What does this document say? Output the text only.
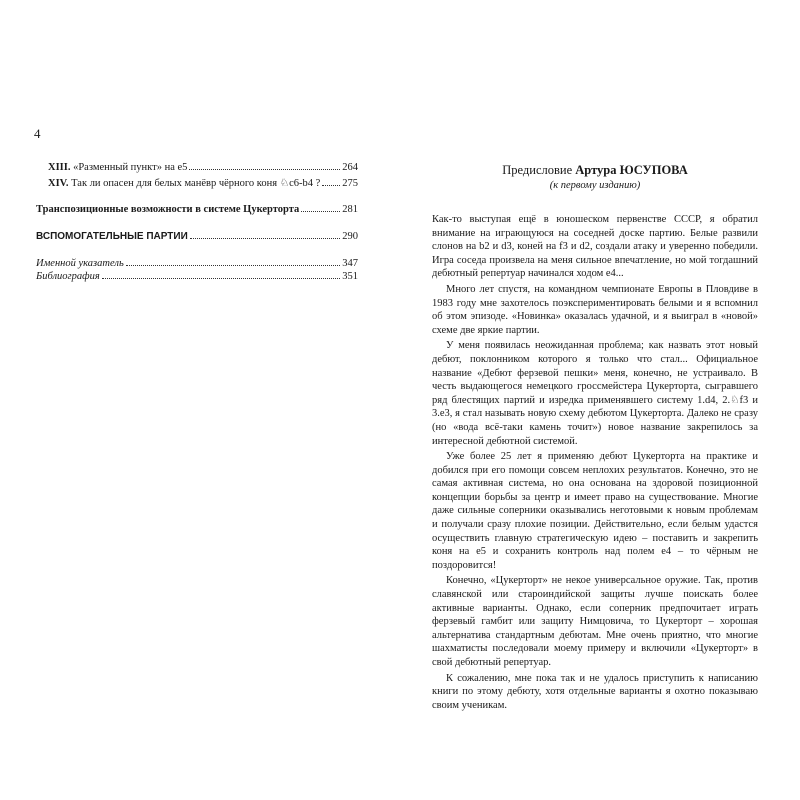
4
XIII. «Разменный пункт» на е5	264
XIV. Так ли опасен для белых манёвр чёрного коня ♘с6-b4 ? 275
Транспозиционные возможности в системе Цукерторта	281
ВСПОМОГАТЕЛЬНЫЕ ПАРТИИ	290
Именной указатель	347
Библиография	351
Предисловие Артура ЮСУПОВА
(к первому изданию)

Как-то выступая ещё в юношеском первенстве СССР, я обратил внимание на играющуюся на соседней доске партию. Белые развили слонов на b2 и d3, коней на f3 и d2, создали атаку и уверенно победили. Игра соседа произвела на меня сильное впечатление, но мой тогдашний дебютный репертуар начинался ходом е4...

Много лет спустя, на командном чемпионате Европы в Пловдиве в 1983 году мне захотелось поэкспериментировать белыми и я вспомнил об этом эпизоде. «Новинка» оказалась удачной, и я выиграл в «новой» схеме две яркие партии.

У меня появилась неожиданная проблема; как назвать этот новый дебют, поклонником которого я только что стал... Официальное название «Дебют ферзевой пешки» меня, конечно, не устраивало. В честь выдающегося немецкого гроссмейстера Цукерторта, сыгравшего ряд блестящих партий и изредка применявшего систему 1.d4, 2.♘f3 и 3.e3, я стал называть новую схему дебютом Цукерторта. Далеко не сразу (но «вода всё-таки камень точит») новое название закрепилось за интересной дебютной системой.

Уже более 25 лет я применяю дебют Цукерторта на практике и добился при его помощи совсем неплохих результатов. Конечно, это не самая активная система, но она основана на здоровой позиционной концепции борьбы за центр и имеет право на существование. Многие даже сильные соперники оказывались неготовыми к новым проблемам и получали сразу плохие позиции. Действительно, если белым удастся осуществить главную стратегическую идею – поставить и закрепить коня на е5 и сохранить контроль над полем е4 – то чёрным не поздоровится!

Конечно, «Цукерторт» не некое универсальное оружие. Так, против славянской или староиндийской защиты лучше поискать более активные варианты. Однако, если соперник предпочитает играть ферзевый гамбит или защиту Нимцовича, то Цукерторт – хорошая альтернатива стандартным дебютам. Мне очень приятно, что многие шахматисты последовали моему примеру и включили «Цукерторт» в свой дебютный репертуар.

К сожалению, мне пока так и не удалось приступить к написанию книги по этому дебюту, хотя отдельные варианты я охотно показываю своим ученикам.
